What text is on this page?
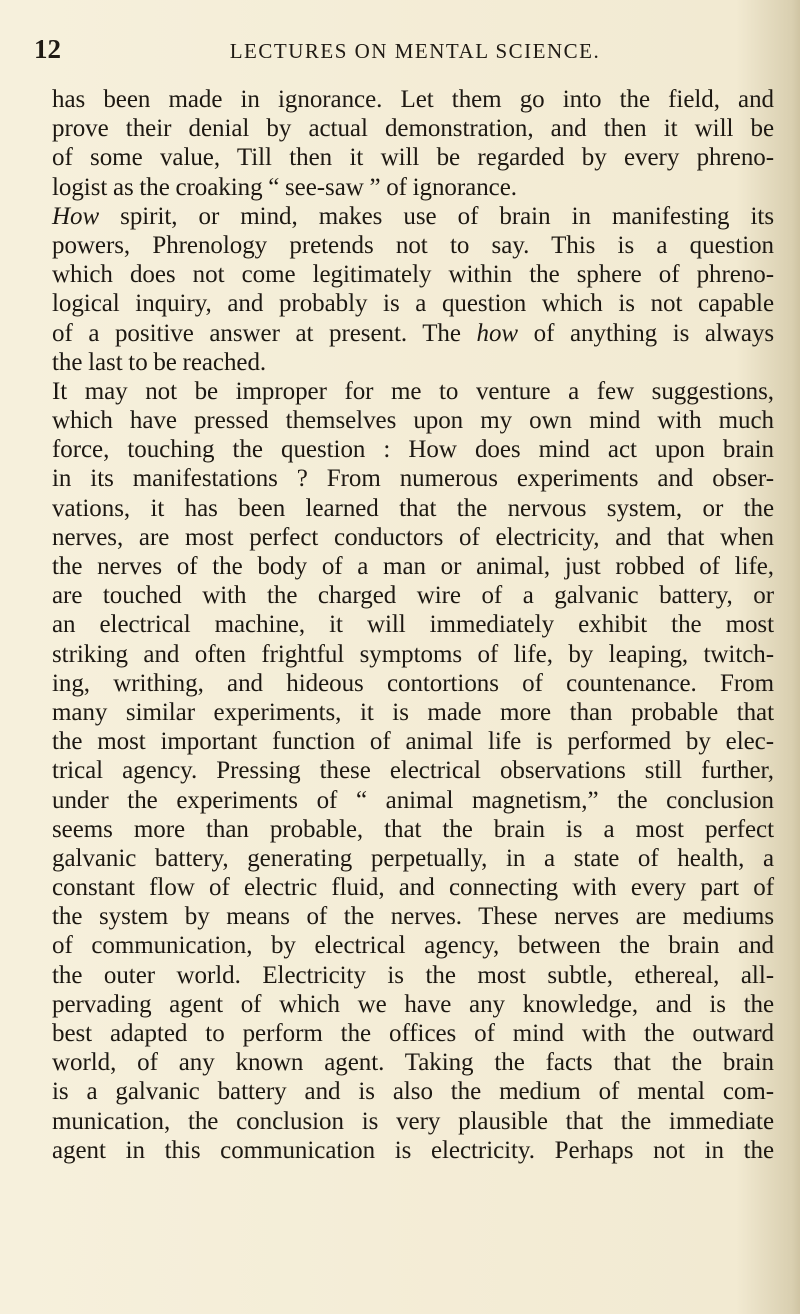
12	LECTURES ON MENTAL SCIENCE.
has been made in ignorance. Let them go into the field, and
prove their denial by actual demonstration, and then it will be
of some value, Till then it will be regarded by every phreno-
logist as the croaking “ see-saw ” of ignorance.
How spirit, or mind, makes use of brain in manifesting its
powers, Phrenology pretends not to say. This is a question
which does not come legitimately within the sphere of phreno-
logical inquiry, and probably is a question which is not capable
of a positive answer at present. The how of anything is always
the last to be reached.
It may not be improper for me to venture a few suggestions,
which have pressed themselves upon my own mind with much
force, touching the question : How does mind act upon brain
in its manifestations ? From numerous experiments and obser-
vations, it has been learned that the nervous system, or the
nerves, are most perfect conductors of electricity, and that when
the nerves of the body of a man or animal, just robbed of life,
are touched with the charged wire of a galvanic battery, or
an electrical machine, it will immediately exhibit the most
striking and often frightful symptoms of life, by leaping, twitch-
ing, writhing, and hideous contortions of countenance. From
many similar experiments, it is made more than probable that
the most important function of animal life is performed by elec-
trical agency. Pressing these electrical observations still further,
under the experiments of “ animal magnetism,” the conclusion
seems more than probable, that the brain is a most perfect
galvanic battery, generating perpetually, in a state of health, a
constant flow of electric fluid, and connecting with every part of
the system by means of the nerves. These nerves are mediums
of communication, by electrical agency, between the brain and
the outer world. Electricity is the most subtle, ethereal, all-
pervading agent of which we have any knowledge, and is the
best adapted to perform the offices of mind with the outward
world, of any known agent. Taking the facts that the brain
is a galvanic battery and is also the medium of mental com-
munication, the conclusion is very plausible that the immediate
agent in this communication is electricity. Perhaps not in the
